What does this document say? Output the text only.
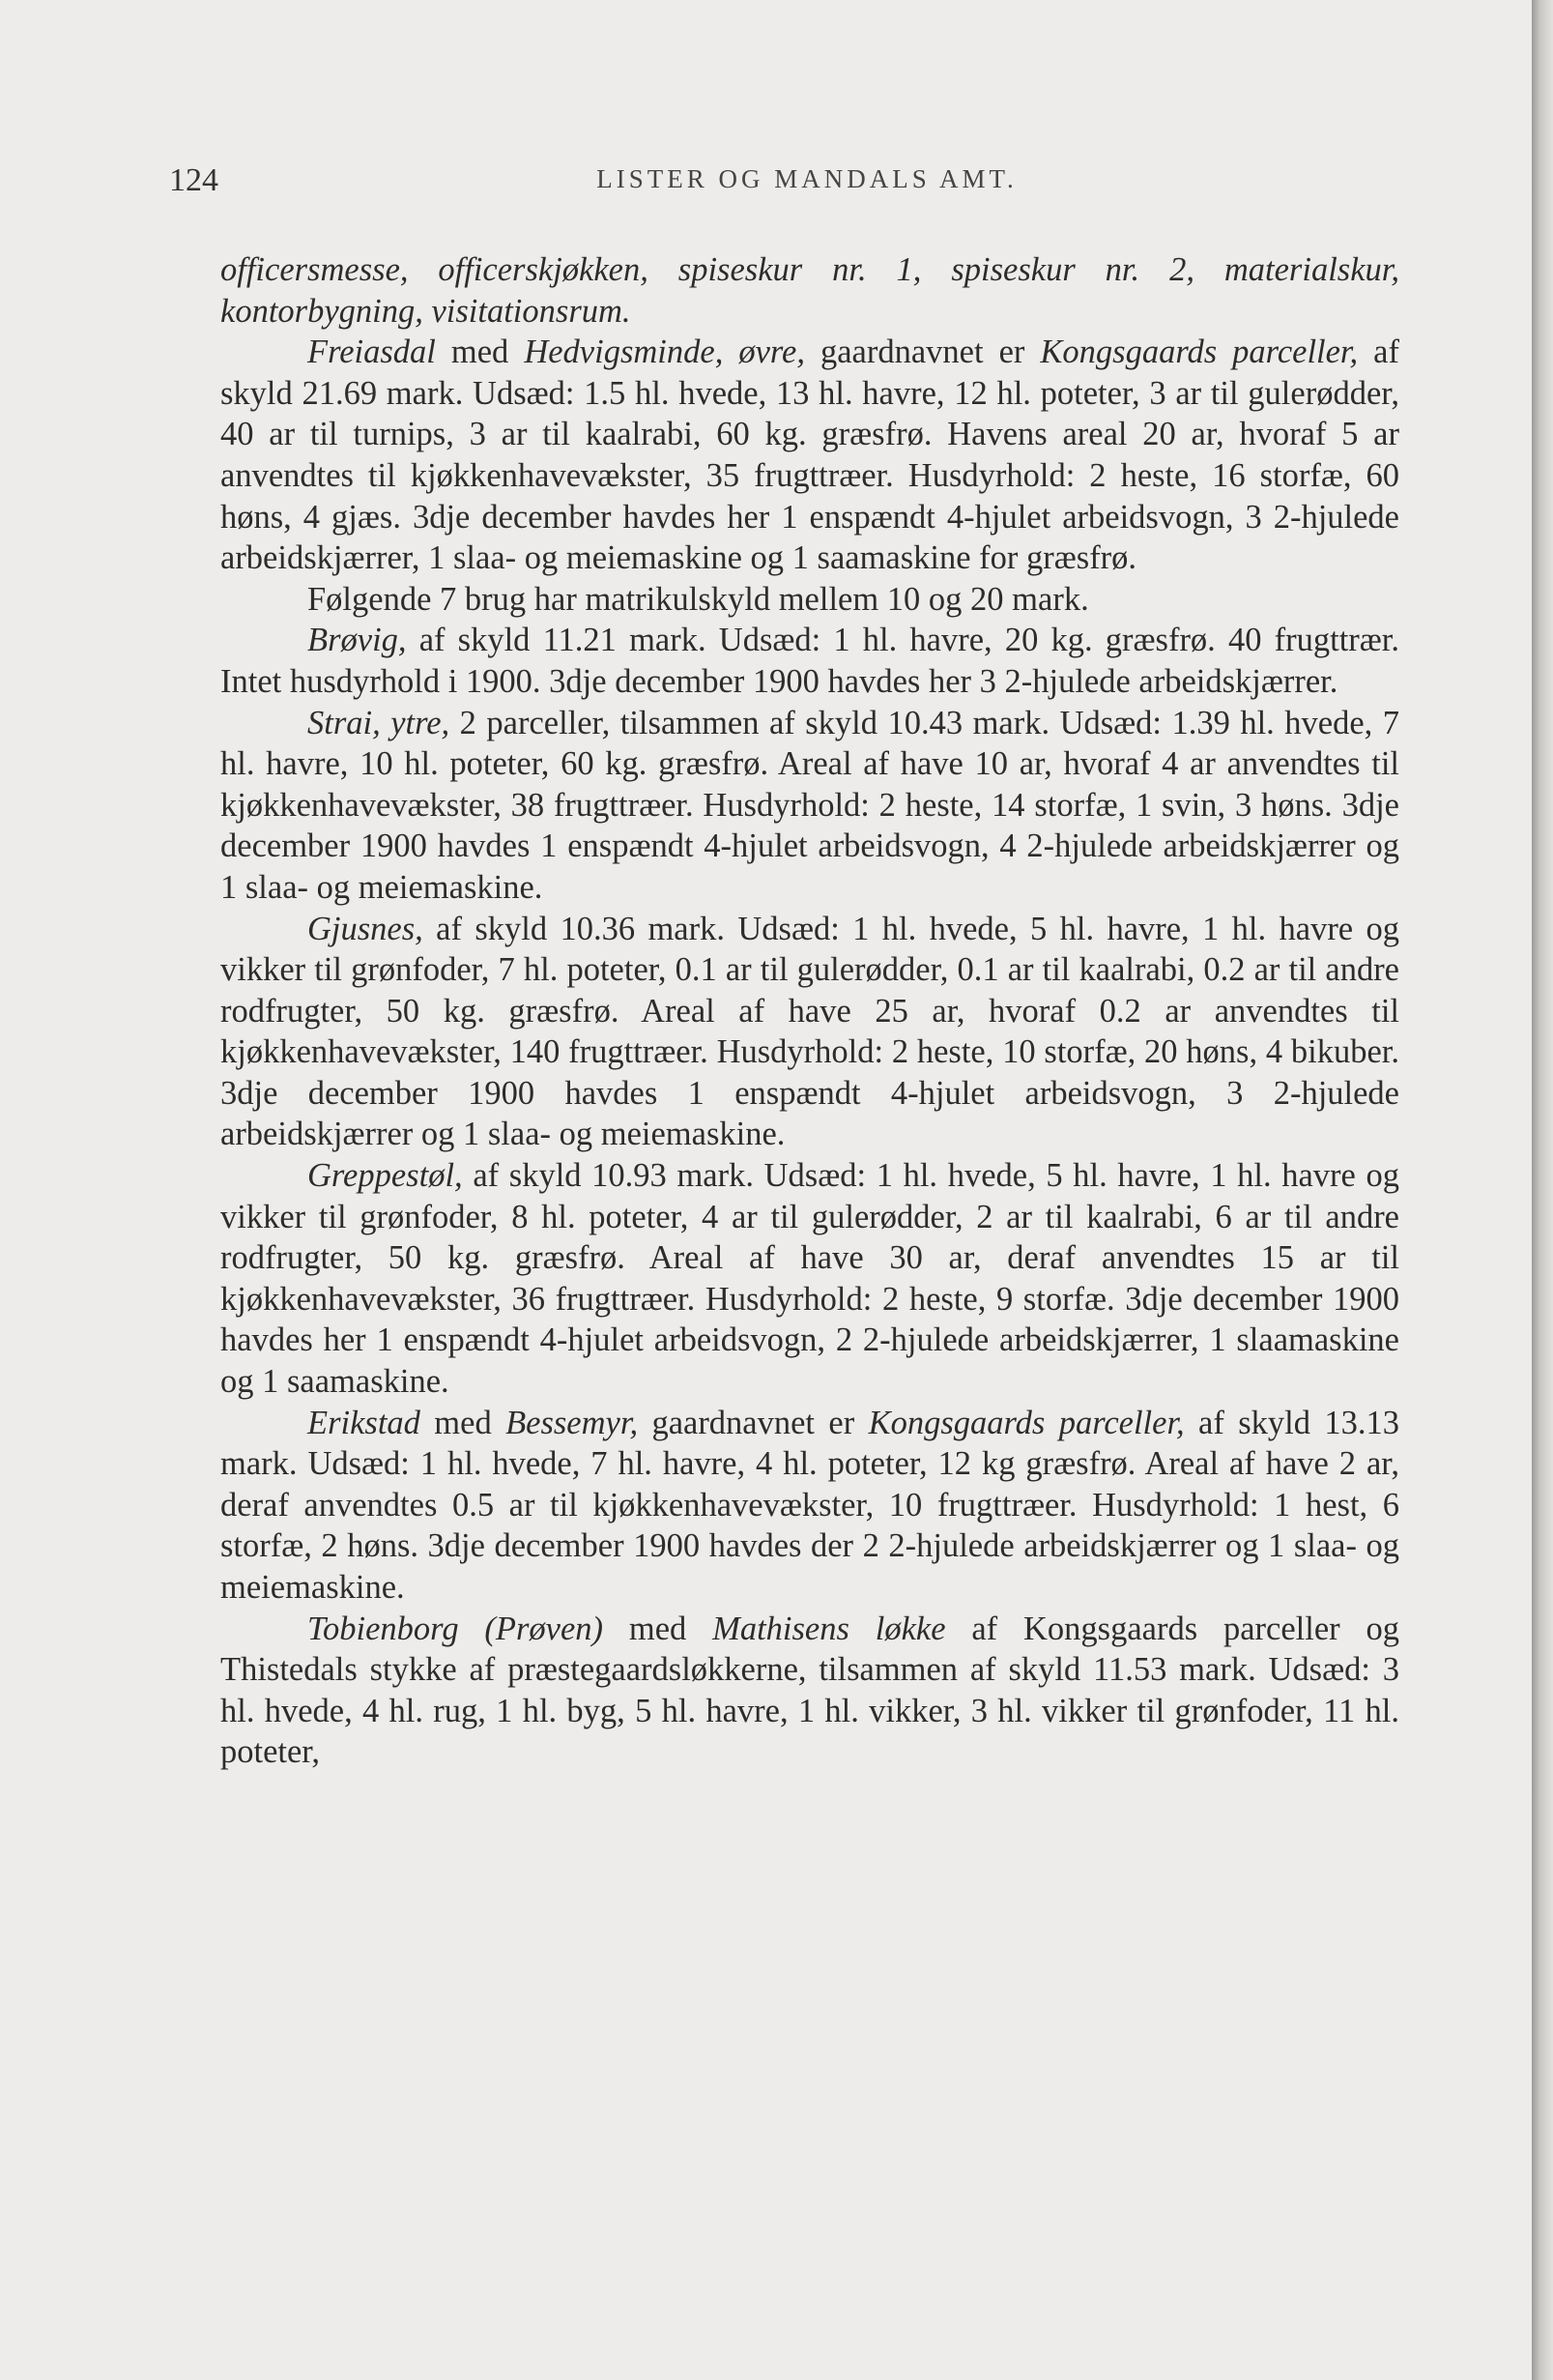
124	LISTER OG MANDALS AMT.

officersmesse, officerskjøkken, spiseskur nr. 1, spiseskur nr. 2, materialskur, kontorbygning, visitationsrum.

Freiasdal med Hedvigsminde, øvre, gaardnavnet er Kongsgaards parceller, af skyld 21.69 mark. Udsæd: 1.5 hl. hvede, 13 hl. havre, 12 hl. poteter, 3 ar til gulerødder, 40 ar til turnips, 3 ar til kaalrabi, 60 kg. græsfrø. Havens areal 20 ar, hvoraf 5 ar anvendtes til kjøkkenhavevækster, 35 frugttræer. Husdyrhold: 2 heste, 16 storfæ, 60 høns, 4 gjæs. 3dje december havdes her 1 enspændt 4-hjulet arbeidsvogn, 3 2-hjulede arbeidskjærrer, 1 slaa- og meiemaskine og 1 saamaskine for græsfrø.

Følgende 7 brug har matrikulskyld mellem 10 og 20 mark.

Brøvig, af skyld 11.21 mark. Udsæd: 1 hl. havre, 20 kg. græsfrø. 40 frugttrær. Intet husdyrhold i 1900. 3dje december 1900 havdes her 3 2-hjulede arbeidskjærrer.

Strai, ytre, 2 parceller, tilsammen af skyld 10.43 mark. Udsæd: 1.39 hl. hvede, 7 hl. havre, 10 hl. poteter, 60 kg. græsfrø. Areal af have 10 ar, hvoraf 4 ar anvendtes til kjøkkenhavevækster, 38 frugttræer. Husdyrhold: 2 heste, 14 storfæ, 1 svin, 3 høns. 3dje december 1900 havdes 1 enspændt 4-hjulet arbeidsvogn, 4 2-hjulede arbeidskjærrer og 1 slaa- og meiemaskine.

Gjusnes, af skyld 10.36 mark. Udsæd: 1 hl. hvede, 5 hl. havre, 1 hl. havre og vikker til grønfoder, 7 hl. poteter, 0.1 ar til gulerødder, 0.1 ar til kaalrabi, 0.2 ar til andre rodfrugter, 50 kg. græsfrø. Areal af have 25 ar, hvoraf 0.2 ar anvendtes til kjøkkenhavevækster, 140 frugttræer. Husdyrhold: 2 heste, 10 storfæ, 20 høns, 4 bikuber. 3dje december 1900 havdes 1 enspændt 4-hjulet arbeidsvogn, 3 2-hjulede arbeidskjærrer og 1 slaa- og meiemaskine.

Greppestøl, af skyld 10.93 mark. Udsæd: 1 hl. hvede, 5 hl. havre, 1 hl. havre og vikker til grønfoder, 8 hl. poteter, 4 ar til gulerødder, 2 ar til kaalrabi, 6 ar til andre rodfrugter, 50 kg. græsfrø. Areal af have 30 ar, deraf anvendtes 15 ar til kjøkkenhavevækster, 36 frugttræer. Husdyrhold: 2 heste, 9 storfæ. 3dje december 1900 havdes her 1 enspændt 4-hjulet arbeidsvogn, 2 2-hjulede arbeidskjærrer, 1 slaamaskine og 1 saamaskine.

Erikstad med Bessemyr, gaardnavnet er Kongsgaards parceller, af skyld 13.13 mark. Udsæd: 1 hl. hvede, 7 hl. havre, 4 hl. poteter, 12 kg græsfrø. Areal af have 2 ar, deraf anvendtes 0.5 ar til kjøkkenhavevækster, 10 frugttræer. Husdyrhold: 1 hest, 6 storfæ, 2 høns. 3dje december 1900 havdes der 2 2-hjulede arbeidskjærrer og 1 slaa- og meiemaskine.

Tobienborg (Prøven) med Mathisens løkke af Kongsgaards parceller og Thistedals stykke af præstegaardsløkkerne, tilsammen af skyld 11.53 mark. Udsæd: 3 hl. hvede, 4 hl. rug, 1 hl. byg, 5 hl. havre, 1 hl. vikker, 3 hl. vikker til grønfoder, 11 hl. poteter,
